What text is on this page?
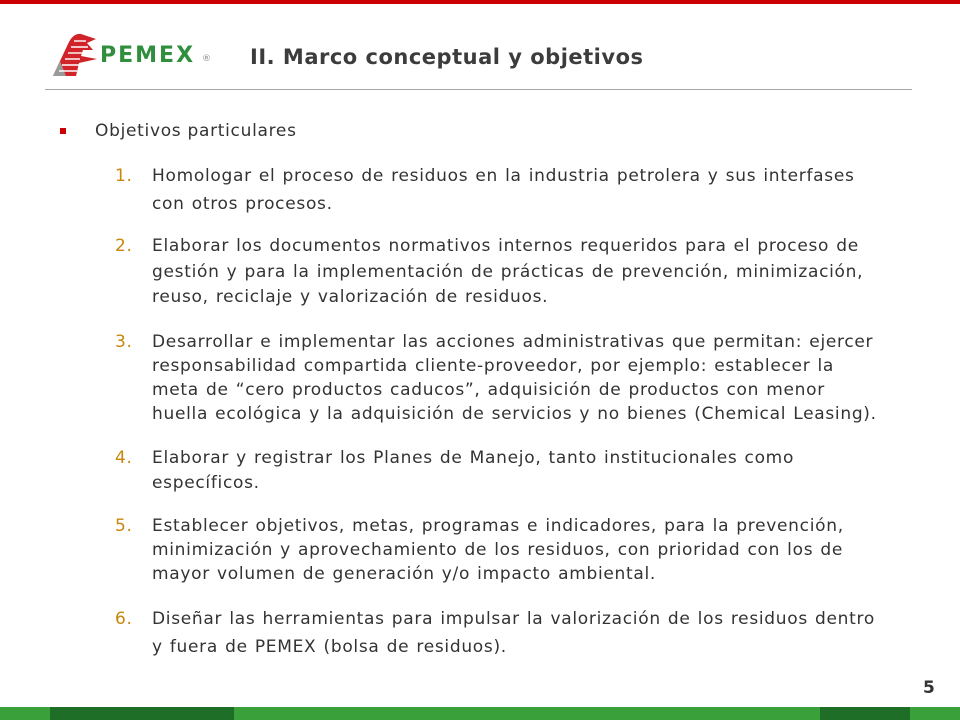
PEMEX ® II. Marco conceptual y objetivos
Objetivos particulares
1. Homologar el proceso de residuos en la industria petrolera y sus interfases
con otros procesos.
2. Elaborar los documentos normativos internos requeridos para el proceso de
gestión y para la implementación de prácticas de prevención, minimización,
reuso, reciclaje y valorización de residuos.
3. Desarrollar e implementar las acciones administrativas que permitan: ejercer
responsabilidad compartida cliente-proveedor, por ejemplo: establecer la
meta de “cero productos caducos”, adquisición de productos con menor
huella ecológica y la adquisición de servicios y no bienes (Chemical Leasing).
4. Elaborar y registrar los Planes de Manejo, tanto institucionales como
específicos.
5. Establecer objetivos, metas, programas e indicadores, para la prevención,
minimización y aprovechamiento de los residuos, con prioridad con los de
mayor volumen de generación y/o impacto ambiental.
6. Diseñar las herramientas para impulsar la valorización de los residuos dentro
y fuera de PEMEX (bolsa de residuos).
5
